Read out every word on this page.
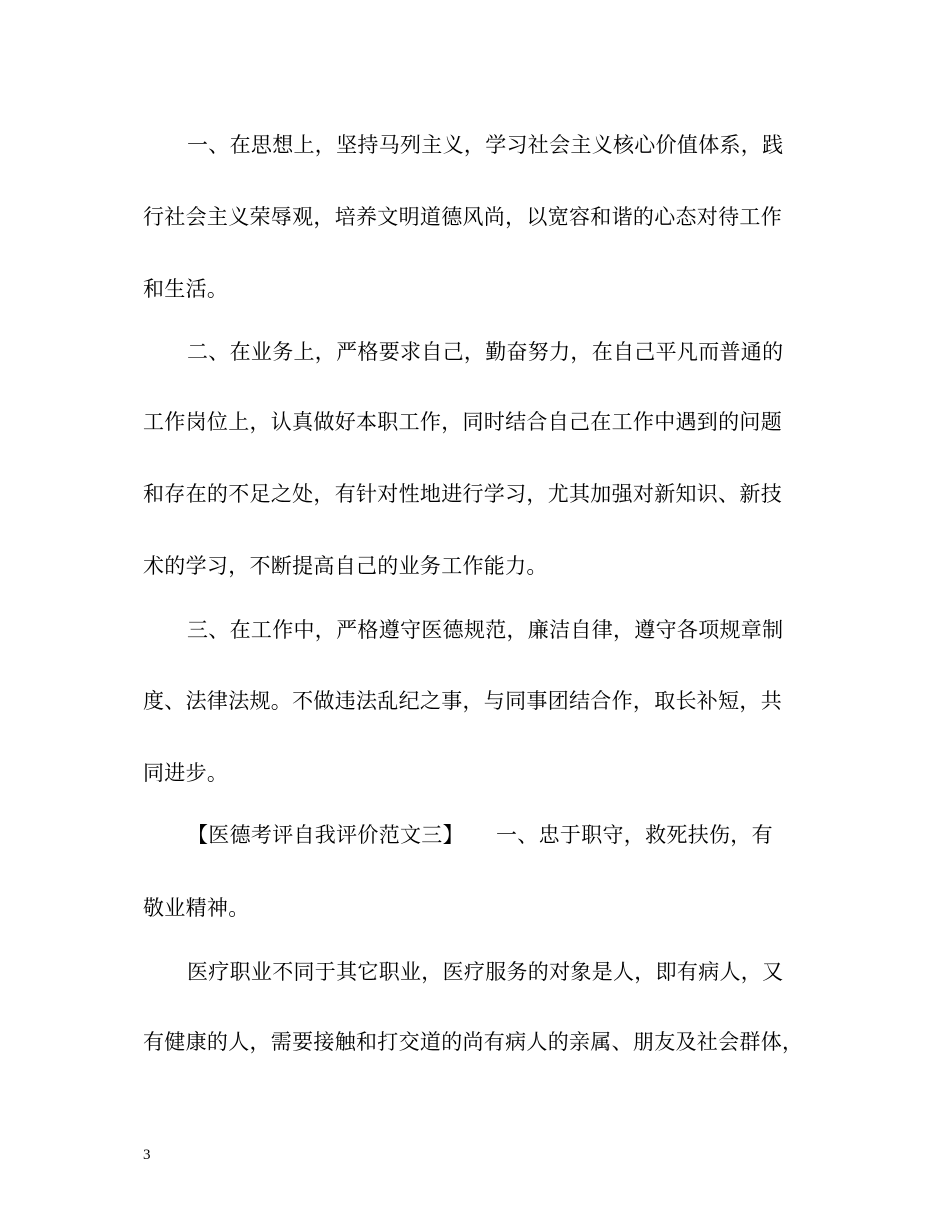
一、在思想上，坚持马列主义，学习社会主义核心价值体系，践
行社会主义荣辱观，培养文明道德风尚，以宽容和谐的心态对待工作
和生活。
二、在业务上，严格要求自己，勤奋努力，在自己平凡而普通的
工作岗位上，认真做好本职工作，同时结合自己在工作中遇到的问题
和存在的不足之处，有针对性地进行学习，尤其加强对新知识、新技
术的学习，不断提高自己的业务工作能力。
三、在工作中，严格遵守医德规范，廉洁自律，遵守各项规章制
度、法律法规。不做违法乱纪之事，与同事团结合作，取长补短，共
同进步。
【医德考评自我评价范文三】　　一、忠于职守，救死扶伤，有
敬业精神。
医疗职业不同于其它职业，医疗服务的对象是人，即有病人，又
有健康的人，需要接触和打交道的尚有病人的亲属、朋友及社会群体，
3
